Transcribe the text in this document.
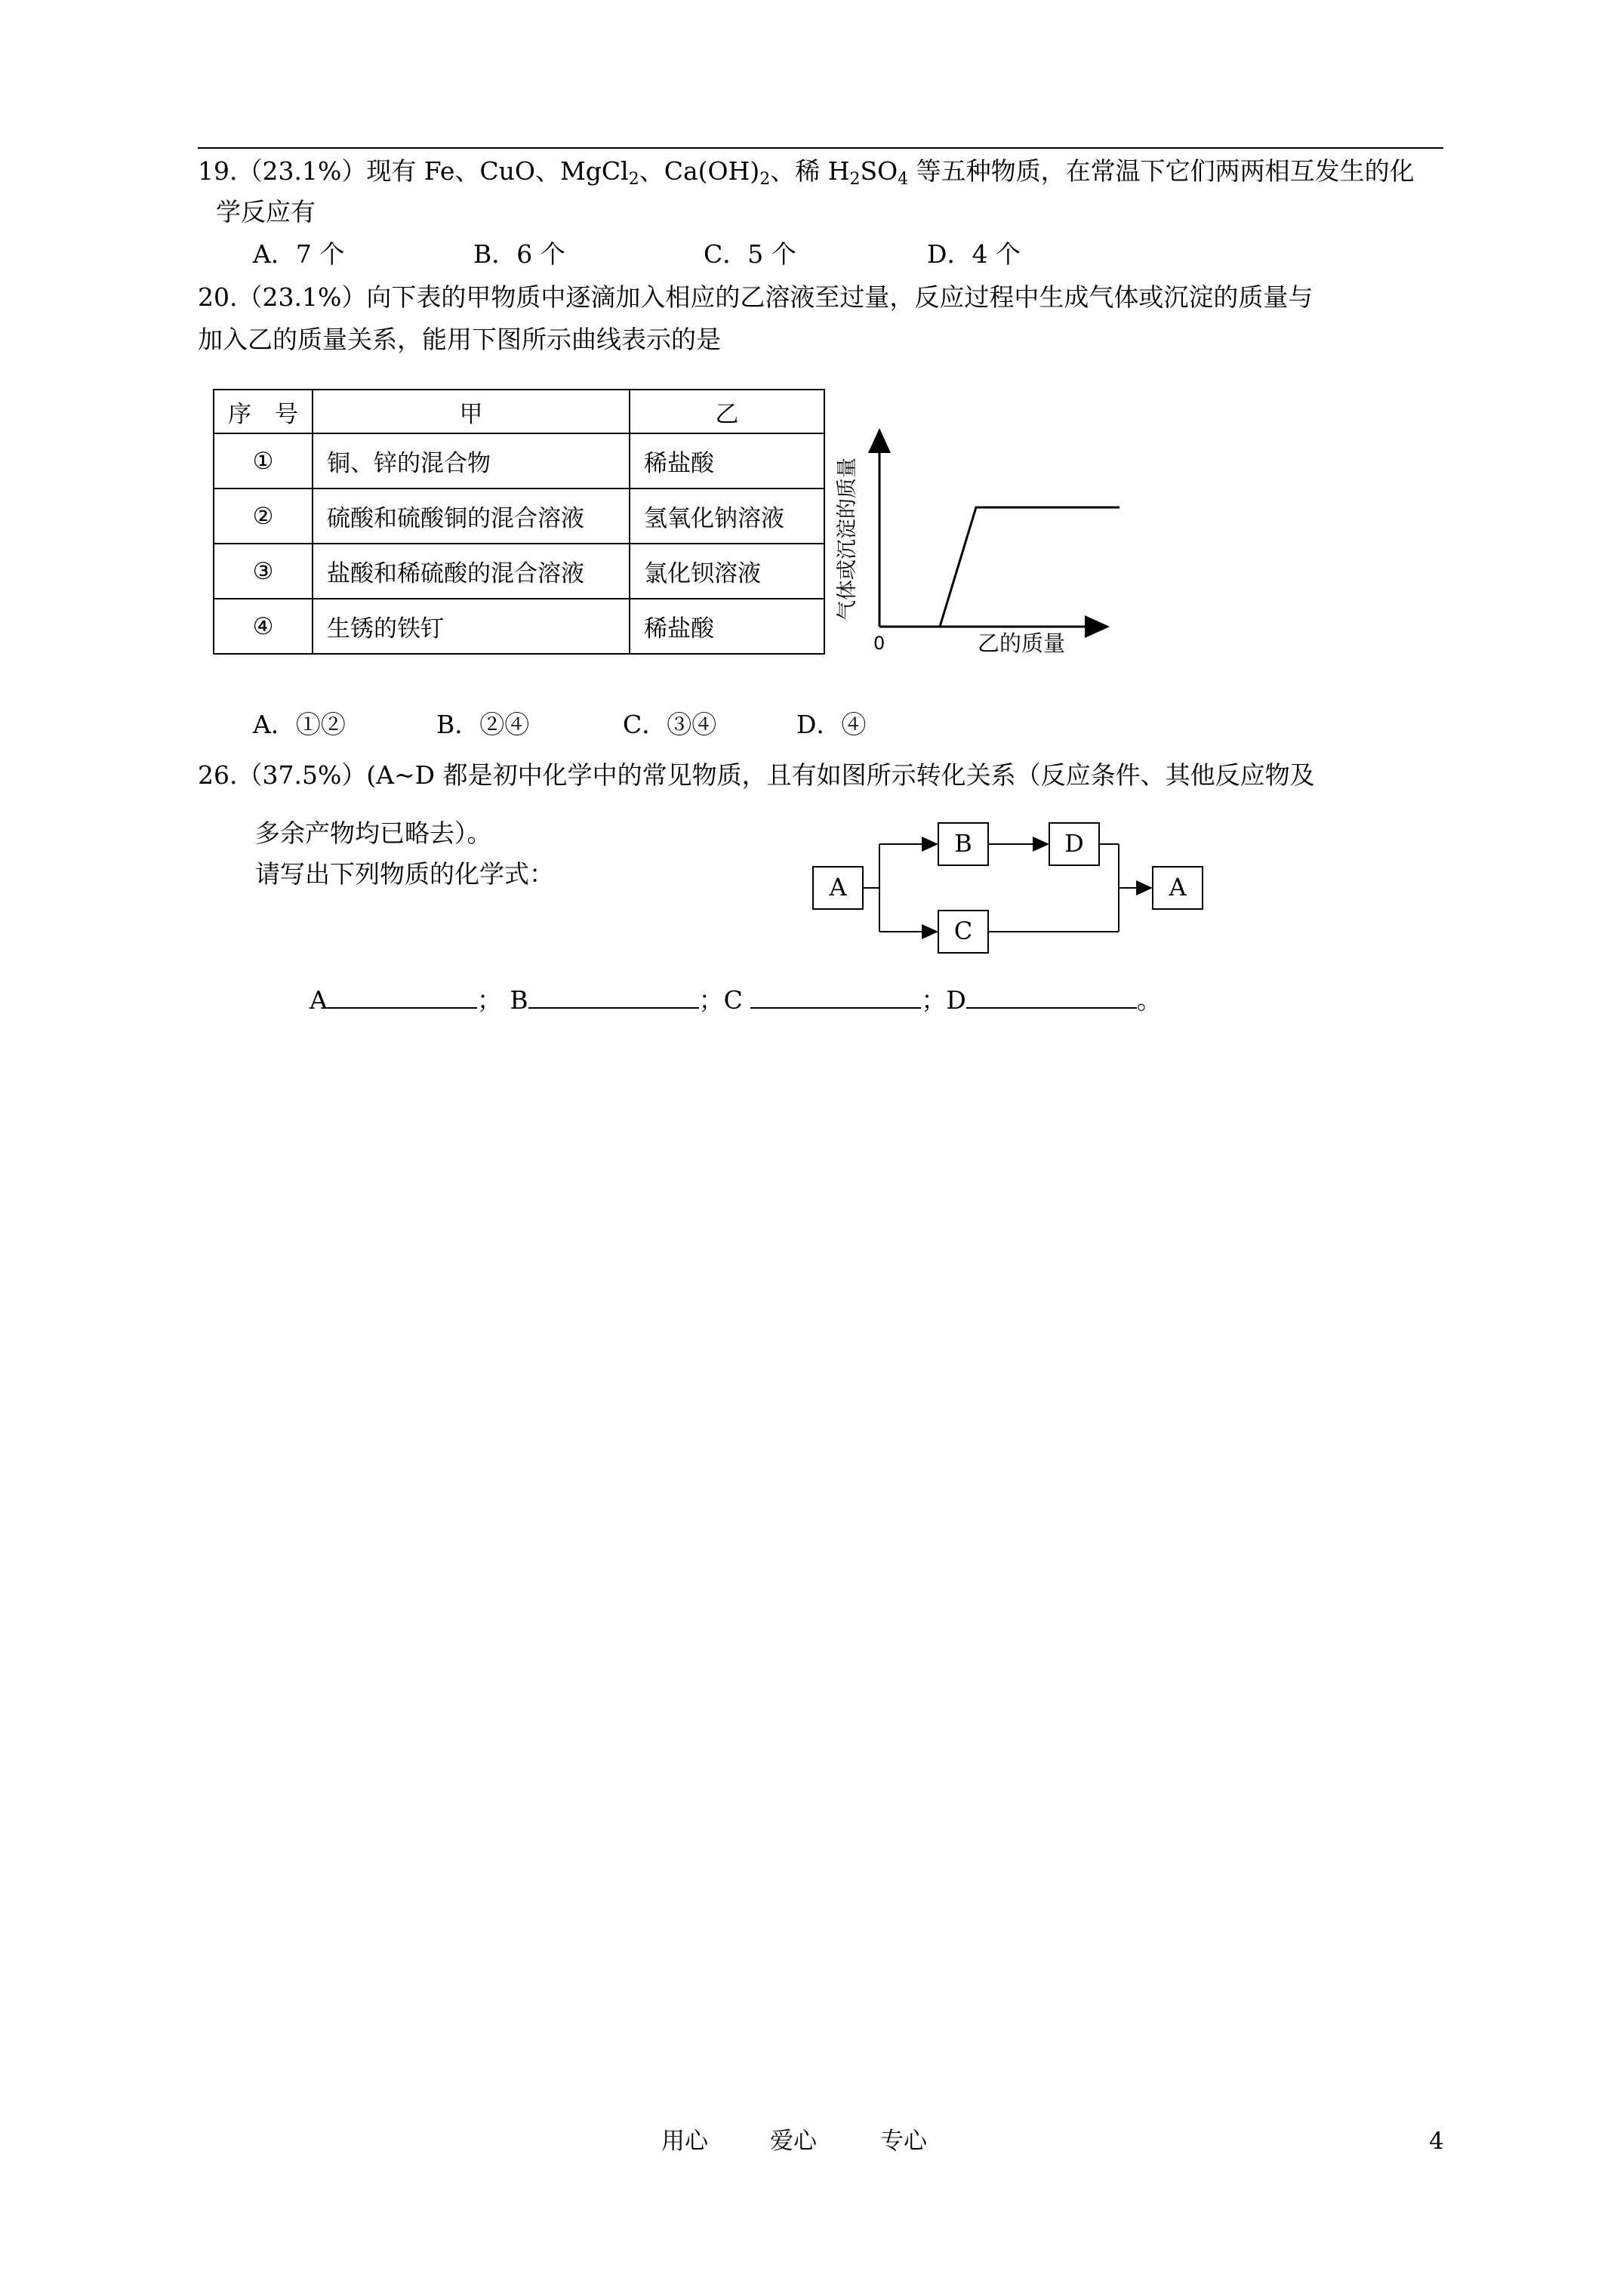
19.（23.1%）现有 Fe、CuO、MgCl$_2$、$Ca(OH)_2$、稀 $H_2SO_4$ 等五种物质，在常温下它们两两相互发生的化
学反应有
A．7 个	B．6 个	C．5 个	D．4 个
20.（23.1%）向下表的甲物质中逐滴加入相应的乙溶液至过量，反应过程中生成气体或沉淀的质量与
加入乙的质量关系，能用下图所示曲线表示的是
序　号	甲	乙
①	铜、锌的混合物	稀盐酸
②	硫酸和硫酸铜的混合溶液	氢氧化钠溶液
③	盐酸和稀硫酸的混合溶液	氯化钡溶液
④	生锈的铁钉	稀盐酸
0	乙的质量
气体或沉淀的质量
A．①②	B．②④	C．③④	D．④
26.（37.5%）(A~D 都是初中化学中的常见物质，且有如图所示转化关系（反应条件、其他反应物及
多余产物均已略去）。
请写出下列物质的化学式：	A
B	D
C
A
A	； B	；C	；D	。
用心	爱心	专心	4
